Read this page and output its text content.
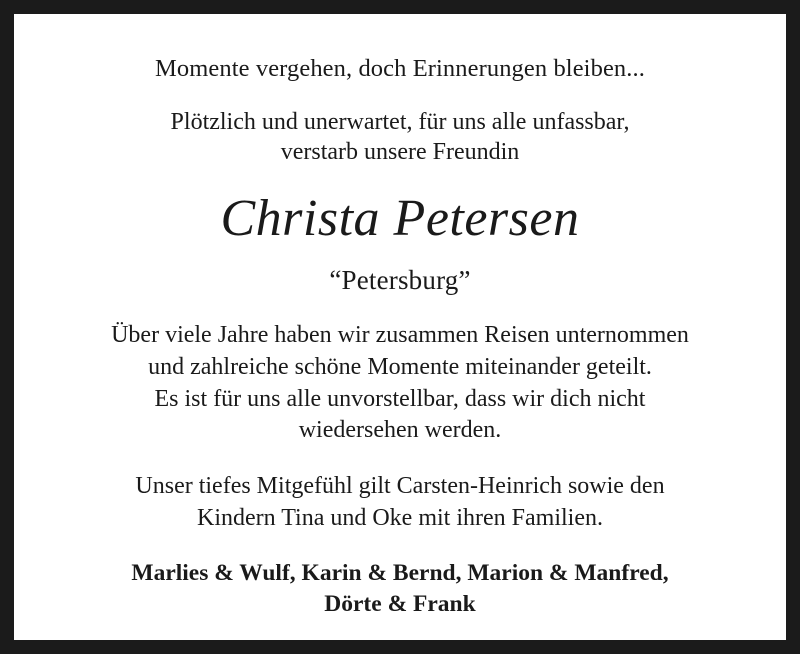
Momente vergehen, doch Erinnerungen bleiben...
Plötzlich und unerwartet, für uns alle unfassbar,
verstarb unsere Freundin
Christa Petersen
“Petersburg”
Über viele Jahre haben wir zusammen Reisen unternommen
und zahlreiche schöne Momente miteinander geteilt.
Es ist für uns alle unvorstellbar, dass wir dich nicht
wiedersehen werden.
Unser tiefes Mitgefühl gilt Carsten-Heinrich sowie den
Kindern Tina und Oke mit ihren Familien.
Marlies & Wulf, Karin & Bernd, Marion & Manfred,
Dörte & Frank
